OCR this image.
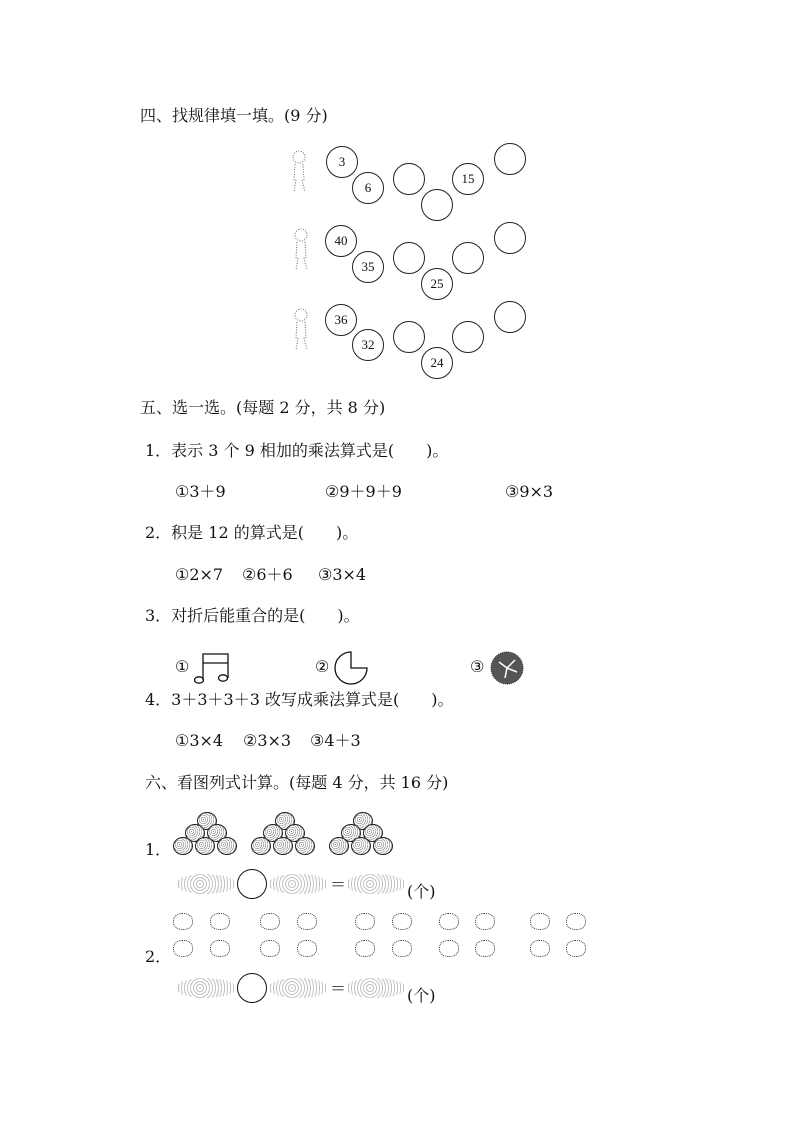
四、找规律填一填。(9 分)
3
6
15
40
35
25
36
32
24
五、选一选。(每题 2 分，共 8 分)
1．表示 3 个 9 相加的乘法算式是(　　)。
①3＋9	②9＋9＋9	③9×3
2．积是 12 的算式是(　　)。
①2×7 ②6＋6 ③3×4
3．对折后能重合的是(　　)。
①	②	③
4．3＋3＋3＋3 改写成乘法算式是(　　)。
①3×4 ②3×3 ③4＋3
六、看图列式计算。(每题 4 分，共 16 分)
1．
＝	(个)
2．
＝	(个)
